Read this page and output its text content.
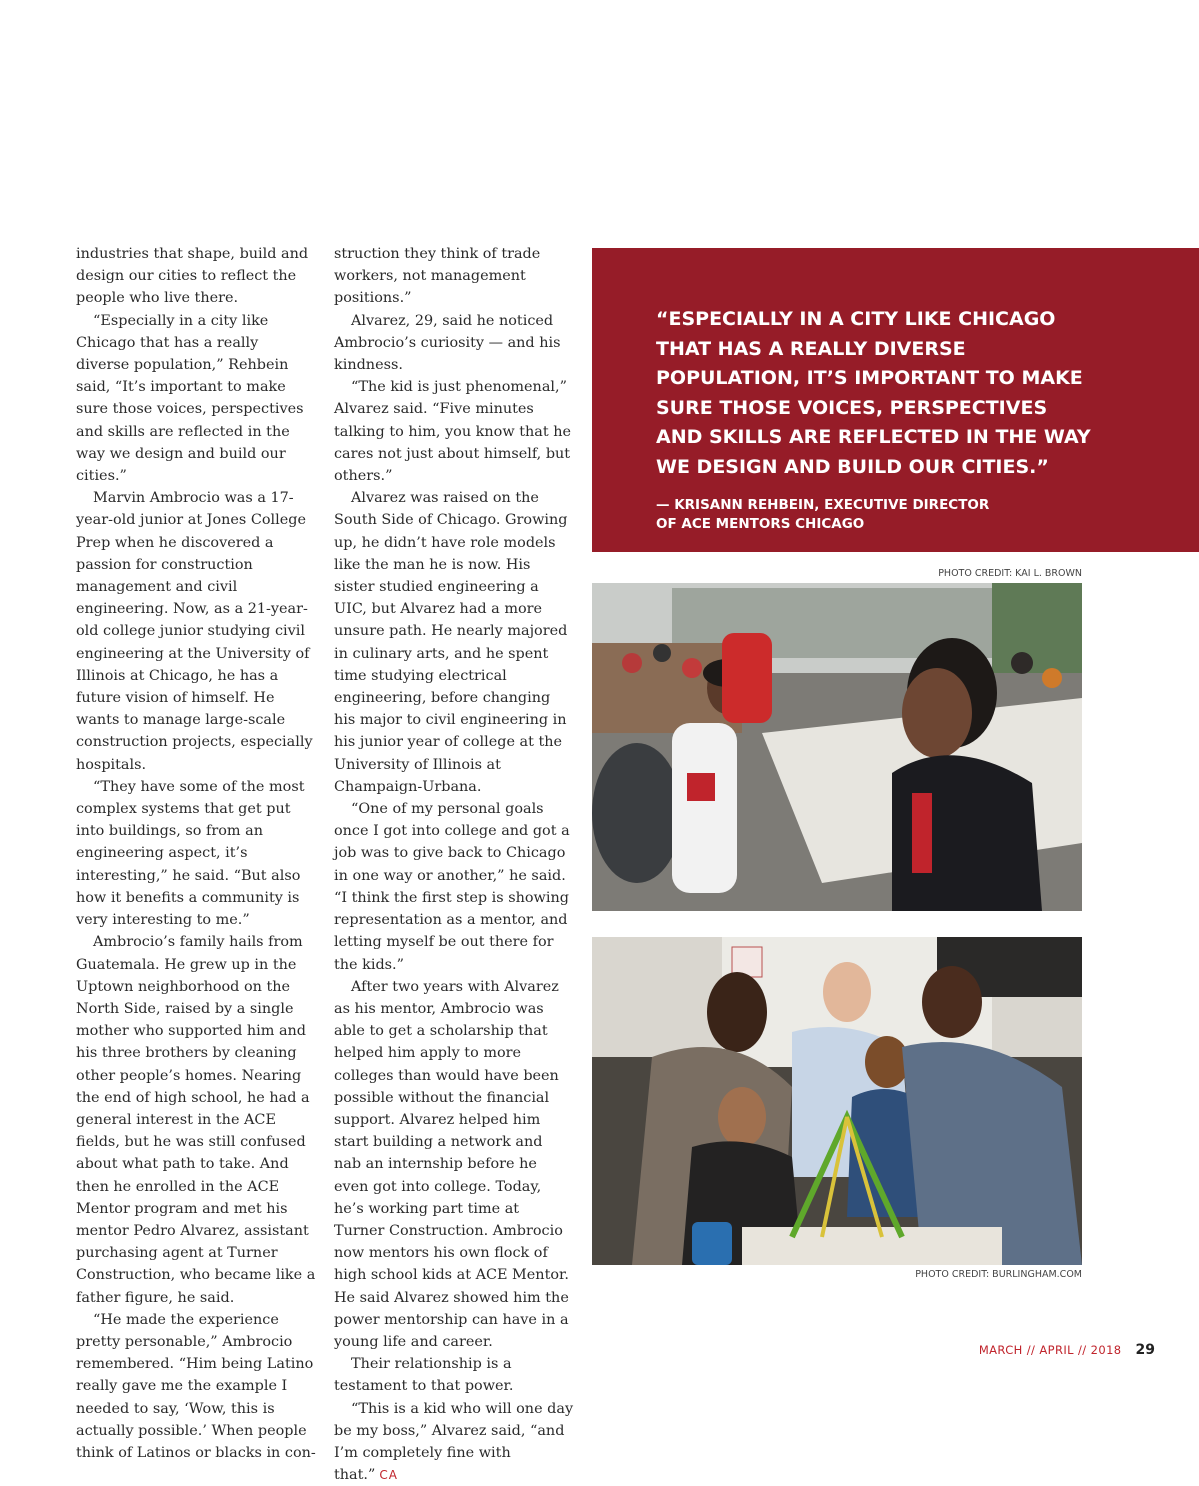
industries that shape, build and design our cities to reflect the people who live there.

“Especially in a city like Chicago that has a really diverse population,” Rehbein said, “It’s important to make sure those voices, perspectives and skills are reflected in the way we design and build our cities.”

Marvin Ambrocio was a 17-year-old junior at Jones College Prep when he discovered a passion for construction management and civil engineering. Now, as a 21-year-old college junior studying civil engineering at the University of Illinois at Chicago, he has a future vision of himself. He wants to manage large-scale construction projects, especially hospitals.

“They have some of the most complex systems that get put into buildings, so from an engineering aspect, it’s interesting,” he said. “But also how it benefits a community is very interesting to me.”

Ambrocio’s family hails from Guatemala. He grew up in the Uptown neighborhood on the North Side, raised by a single mother who supported him and his three brothers by cleaning other people’s homes. Nearing the end of high school, he had a general interest in the ACE fields, but he was still confused about what path to take. And then he enrolled in the ACE Mentor program and met his mentor Pedro Alvarez, assistant purchasing agent at Turner Construction, who became like a father figure, he said.

“He made the experience pretty personable,” Ambrocio remembered. “Him being Latino really gave me the example I needed to say, ‘Wow, this is actually possible.’ When people think of Latinos or blacks in con-

struction they think of trade workers, not management positions.”

Alvarez, 29, said he noticed Ambrocio’s curiosity — and his kindness.

“The kid is just phenomenal,” Alvarez said. “Five minutes talking to him, you know that he cares not just about himself, but others.”

Alvarez was raised on the South Side of Chicago. Growing up, he didn’t have role models like the man he is now. His sister studied engineering a UIC, but Alvarez had a more unsure path. He nearly majored in culinary arts, and he spent time studying electrical engineering, before changing his major to civil engineering in his junior year of college at the University of Illinois at Champaign-Urbana.

“One of my personal goals once I got into college and got a job was to give back to Chicago in one way or another,” he said. “I think the first step is showing representation as a mentor, and letting myself be out there for the kids.”

After two years with Alvarez as his mentor, Ambrocio was able to get a scholarship that helped him apply to more colleges than would have been possible without the financial support. Alvarez helped him start building a network and nab an internship before he even got into college. Today, he’s working part time at Turner Construction. Ambrocio now mentors his own flock of high school kids at ACE Mentor. He said Alvarez showed him the power mentorship can have in a young life and career.

Their relationship is a testament to that power.

“This is a kid who will one day be my boss,” Alvarez said, “and I’m completely fine with that.” CA

“ESPECIALLY IN A CITY LIKE CHICAGO THAT HAS A REALLY DIVERSE POPULATION, IT’S IMPORTANT TO MAKE SURE THOSE VOICES, PERSPECTIVES AND SKILLS ARE REFLECTED IN THE WAY WE DESIGN AND BUILD OUR CITIES.”

— KRISANN REHBEIN, EXECUTIVE DIRECTOR
OF ACE MENTORS CHICAGO
PHOTO CREDIT: KAI L. BROWN
PHOTO CREDIT: BURLINGHAM.COM
MARCH // APRIL // 2018 29
